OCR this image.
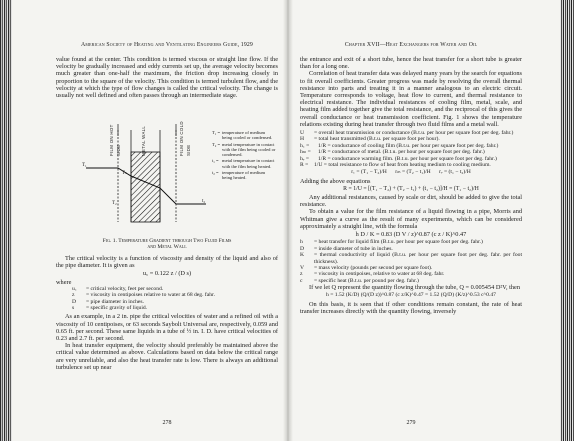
American Society of Heating and Ventilating Engineers Guide, 1929

value found at the center. This condition is termed viscous or straight line flow. If the velocity be gradually increased and eddy currents set up, the average velocity becomes much greater than one-half the maximum, the friction drop increasing closely in proportion to the square of the velocity. This condition is termed turbulent flow, and the velocity at which the type of flow changes is called the critical velocity. The change is usually not well defined and often passes through an intermediate stage.

FILM ON HOT SIDE	METAL WALL	FILM ON COLD SIDE
T₁
Tₛ
T₂	t₂
T₁ = temperature of medium being cooled or condensed.
T₂ = metal temperature in contact with the film being cooled or condensed.
t₁ = metal temperature in contact with the film being heated.
t₂ = temperature of medium being heated.
Fig. 1. Temperature Gradient through Two Fluid Films
and Metal Wall

The critical velocity is a function of viscosity and density of the liquid and also of the pipe diameter. It is given as

u꜀ = 0.122 z / (D s)

where

u꜀	= critical velocity, feet per second.
z	= viscosity in centipoises relative to water at 68 deg. fahr.
D	= pipe diameter in inches.
s	= specific gravity of liquid.

As an example, in a 2 in. pipe the critical velocities of water and a refined oil with a viscosity of 10 centipoises, or 63 seconds Saybolt Universal are, respectively, 0.059 and 0.65 ft. per second. These same liquids in a tube of ½ in. I. D. have critical velocities of 0.23 and 2.7 ft. per second.

In heat transfer equipment, the velocity should preferably be maintained above the critical value determined as above. Calculations based on data below the critical range are very unreliable, and also the heat transfer rate is low. There is always an additional turbulence set up near

278
Chapter XVII—Heat Exchangers for Water and Oil

the entrance and exit of a short tube, hence the heat transfer for a short tube is greater than for a long one.

Correlation of heat transfer data was delayed many years by the search for equations to fit overall coefficients. Greater progress was made by resolving the overall thermal resistance into parts and treating it in a manner analogous to an electric circuit. Temperature corresponds to voltage, heat flow to current, and thermal resistance to electrical resistance. The individual resistances of cooling film, metal, scale, and heating film added together give the total resistance, and the reciprocal of this gives the overall conductance or heat transmission coefficient. Fig. 1 shows the temperature relations existing during heat transfer through two fluid films and a metal wall.

U	= overall heat transmission or conductance (B.t.u. per hour per square foot per deg. fahr.)
H	= total heat transmitted (B.t.u. per square foot per hour).
h꜀ =	1/R = conductance of cooling film (B.t.u. per hour per square foot per deg. fahr.)
hₘ =	1/R = conductance of metal. (B.t.u. per hour per square foot per deg. fahr.)
hᵥ =	1/R = conductance warming film. (B.t.u. per hour per square foot per deg. fahr.)
R =	1/U = total resistance to flow of heat from heating medium to cooling medium.
r꜀ = (T₁ − T₂)/H      rₘ = (T₂ − t₁)/H      rᵥ = (t₁ − t₂)/H

Adding the above equations

R = 1/U = [(T₁ − T₂) + (T₂ − t₁) + (t₁ − t₂)]/H = (T₁ − t₂)/H

Any additional resistances, caused by scale or dirt, should be added to give the total resistance.

To obtain a value for the film resistance of a liquid flowing in a pipe, Morris and Whitman give a curve as the result of many experiments, which can be considered approximately a straight line, with the formula

h D / K = 0.83 (D V / z)^0.87 (c z / K)^0.47
h	= heat transfer for liquid film (B.t.u. per hour per square foot per deg. fahr.)
D	= inside diameter of tube in inches.
K	= thermal conductivity of liquid (B.t.u. per hour per square foot per deg. fahr. per foot thickness).
V	= mass velocity (pounds per second per square foot).
z	= viscosity in centipoises, relative to water at 68 deg. fahr.
c	= specific heat (B.t.u. per pound per deg. fahr.)

If we let Q represent the quantity flowing through the tube, Q = 0.005454 D²V, then

h = 1.52 (K/D) (Q/(D z))^0.87 (c z/K)^0.47 = 1.52 (Q/D) (K/z)^0.53 c^0.47

On this basis, it is seen that if other conditions remain constant, the rate of heat transfer increases directly with the quantity flowing, inversely

279
